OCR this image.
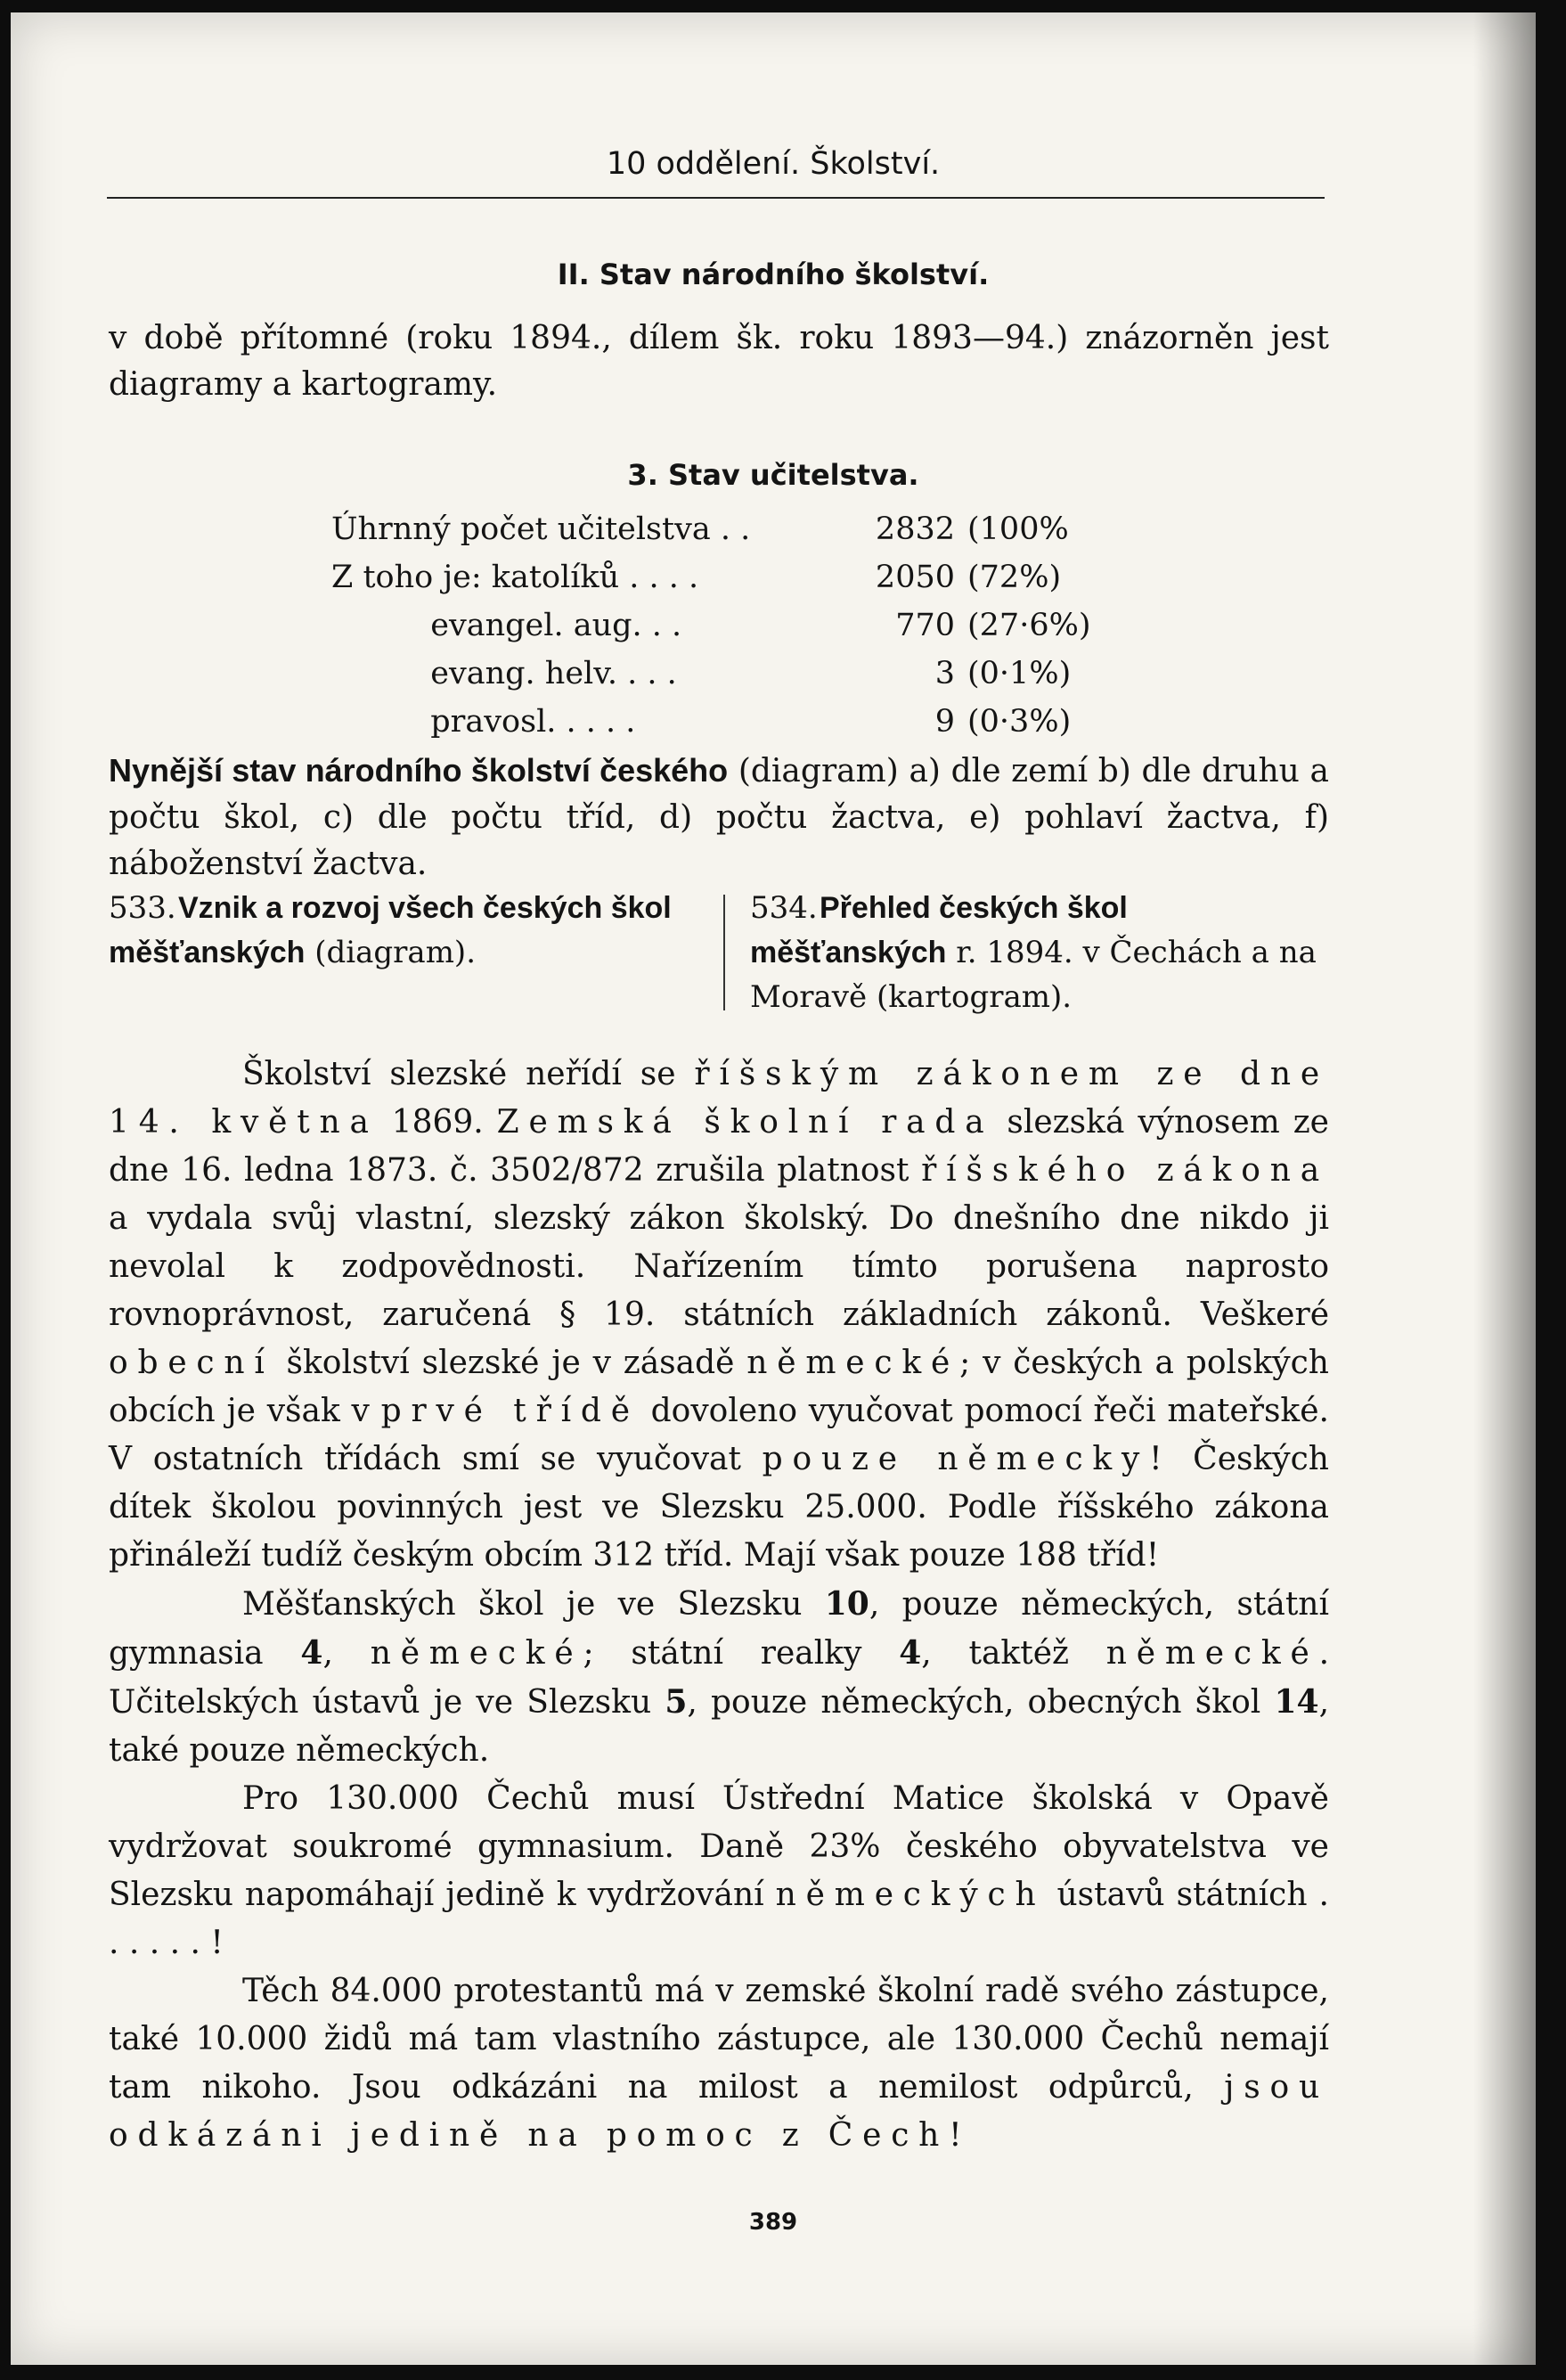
10 oddělení. Školství.
II. Stav národního školství.
v době přítomné (roku 1894., dílem šk. roku 1893—94.) znázorněn jest diagramy a kartogramy.
3. Stav učitelstva.
Úhrnný počet učitelstva . .	2832 (100%
Z toho je: katolíků . . . .	2050 (72%)
evangel. aug. . .	770 (27·6%)
evang. helv. . . .	3 (0·1%)
pravosl. . . . .	9 (0·3%)
Nynější stav národního školství českého (diagram) a) dle zemí b) dle druhu a počtu škol, c) dle počtu tříd, d) počtu žactva, e) pohlaví žactva, f) náboženství žactva.
533.Vznik a rozvoj všech českých škol měšťanských (diagram).
534.Přehled českých škol měšťanských r. 1894. v Čechách a na Moravě (kartogram).

Školství slezské neřídí se říšským zákonem ze dne 14. května 1869. Zemská školní rada slezská výnosem ze dne 16. ledna 1873. č. 3502/872 zrušila platnost říšského zákona a vydala svůj vlastní, slezský zákon školský. Do dnešního dne nikdo ji nevolal k zodpovědnosti. Nařízením tímto porušena naprosto rovnoprávnost, zaručená § 19. státních základních zákonů. Veškeré obecní školství slezské je v zásadě německé; v českých a polských obcích je však v prvé třídě dovoleno vyučovat pomocí řeči mateřské. V ostatních třídách smí se vyučovat pouze německy! Českých dítek školou povinných jest ve Slezsku 25.000. Podle říšského zákona přináleží tudíž českým obcím 312 tříd. Mají však pouze 188 tříd!

Měšťanských škol je ve Slezsku 10, pouze německých, státní gymnasia 4, německé; státní realky 4, taktéž německé. Učitelských ústavů je ve Slezsku 5, pouze německých, obecných škol 14, také pouze německých.

Pro 130.000 Čechů musí Ústřední Matice školská v Opavě vydržovat soukromé gymnasium. Daně 23% českého obyvatelstva ve Slezsku napomáhají jedině k vydržování německých ústavů státních . . . . . . !

Těch 84.000 protestantů má v zemské školní radě svého zástupce, také 10.000 židů má tam vlastního zástupce, ale 130.000 Čechů nemají tam nikoho. Jsou odkázáni na milost a nemilost odpůrců, jsou odkázáni jedině na pomoc z Čech!

389
